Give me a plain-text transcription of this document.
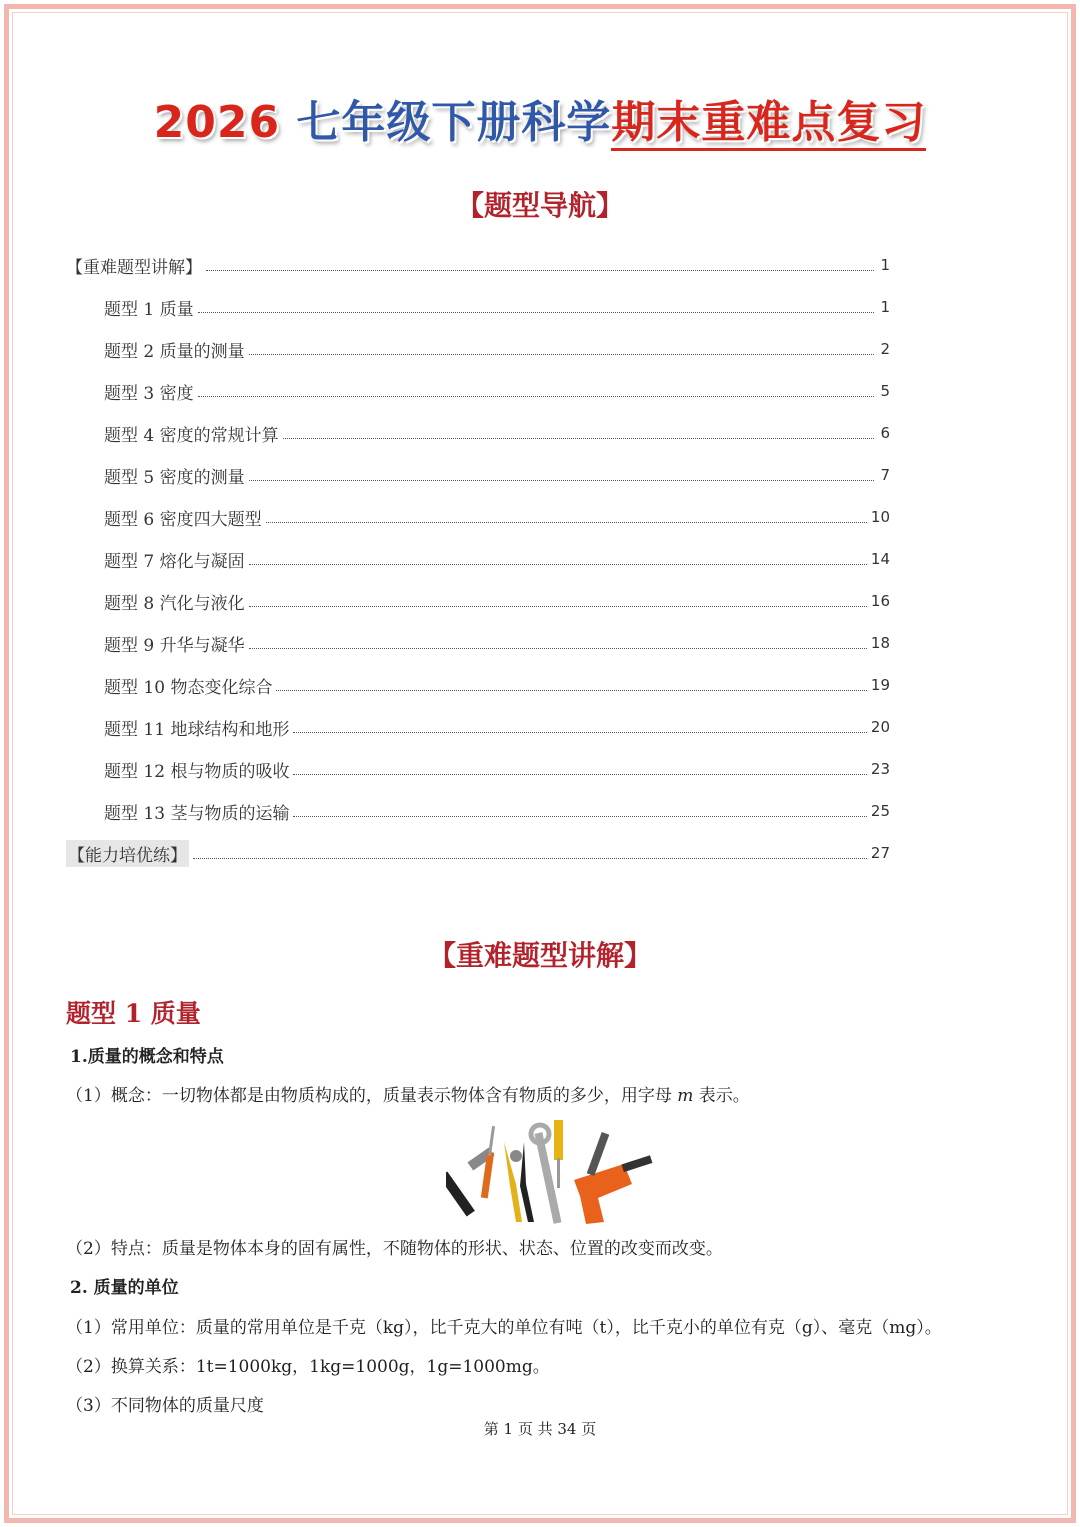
2026 七年级下册科学期末重难点复习
【题型导航】
【重难题型讲解】	1
题型 1 质量	1
题型 2 质量的测量	2
题型 3 密度	5
题型 4 密度的常规计算	6
题型 5 密度的测量	7
题型 6 密度四大题型	10
题型 7 熔化与凝固	14
题型 8 汽化与液化	16
题型 9 升华与凝华	18
题型 10 物态变化综合	19
题型 11 地球结构和地形	20
题型 12 根与物质的吸收	23
题型 13 茎与物质的运输	25
【能力培优练】	27
【重难题型讲解】
题型 1 质量
1.质量的概念和特点
（1）概念：一切物体都是由物质构成的，质量表示物体含有物质的多少，用字母 m 表示。
（2）特点：质量是物体本身的固有属性，不随物体的形状、状态、位置的改变而改变。
2. 质量的单位
（1）常用单位：质量的常用单位是千克（kg），比千克大的单位有吨（t），比千克小的单位有克（g）、毫克（mg）。
（2）换算关系：1t=1000kg，1kg=1000g，1g=1000mg。
（3）不同物体的质量尺度
第 1 页 共 34 页
